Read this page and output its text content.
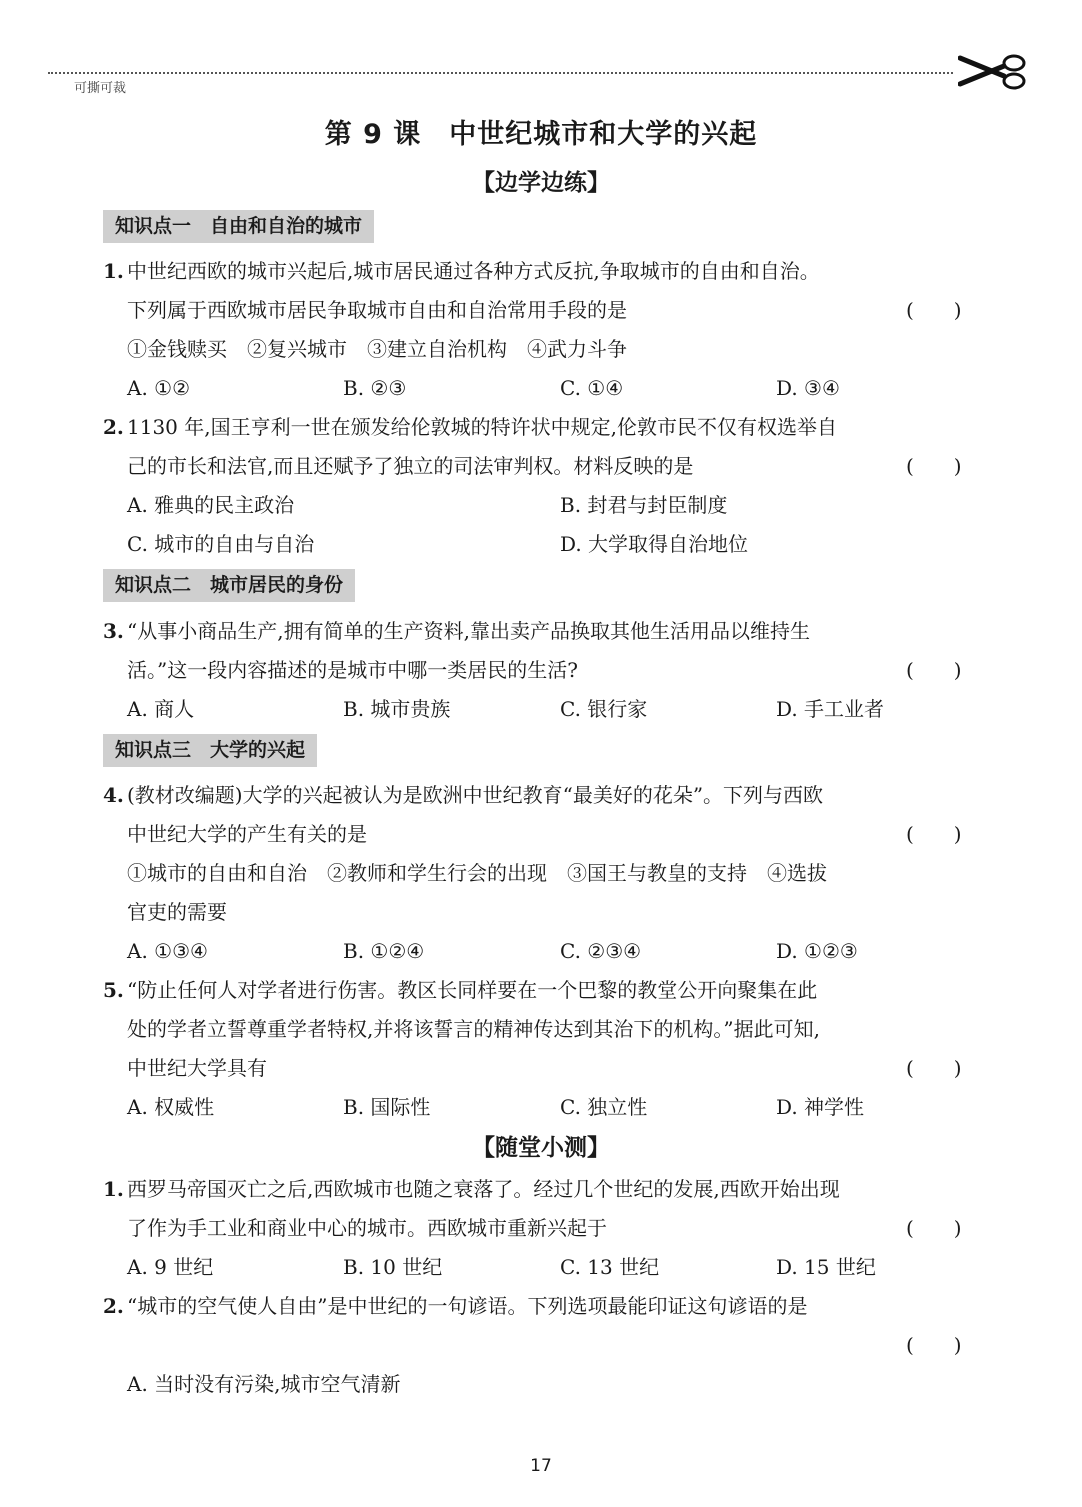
可撕可裁
第 9 课　中世纪城市和大学的兴起
【边学边练】
知识点一　自由和自治的城市
1. 中世纪西欧的城市兴起后,城市居民通过各种方式反抗,争取城市的自由和自治。
下列属于西欧城市居民争取城市自由和自治常用手段的是	(　　)
①金钱赎买　②复兴城市　③建立自治机构　④武力斗争
A. ①②	B. ②③	C. ①④	D. ③④
2. 1130 年,国王亨利一世在颁发给伦敦城的特许状中规定,伦敦市民不仅有权选举自
己的市长和法官,而且还赋予了独立的司法审判权。材料反映的是	(　　)
A. 雅典的民主政治	B. 封君与封臣制度
C. 城市的自由与自治	D. 大学取得自治地位
知识点二　城市居民的身份
3. “从事小商品生产,拥有简单的生产资料,靠出卖产品换取其他生活用品以维持生
活。”这一段内容描述的是城市中哪一类居民的生活?	(　　)
A. 商人	B. 城市贵族	C. 银行家	D. 手工业者
知识点三　大学的兴起
4. (教材改编题)大学的兴起被认为是欧洲中世纪教育“最美好的花朵”。下列与西欧
中世纪大学的产生有关的是	(　　)
①城市的自由和自治　②教师和学生行会的出现　③国王与教皇的支持　④选拔
官吏的需要
A. ①③④	B. ①②④	C. ②③④	D. ①②③
5. “防止任何人对学者进行伤害。教区长同样要在一个巴黎的教堂公开向聚集在此
处的学者立誓尊重学者特权,并将该誓言的精神传达到其治下的机构。”据此可知,
中世纪大学具有	(　　)
A. 权威性	B. 国际性	C. 独立性	D. 神学性
【随堂小测】
1. 西罗马帝国灭亡之后,西欧城市也随之衰落了。经过几个世纪的发展,西欧开始出现
了作为手工业和商业中心的城市。西欧城市重新兴起于	(　　)
A. 9 世纪	B. 10 世纪	C. 13 世纪	D. 15 世纪
2. “城市的空气使人自由”是中世纪的一句谚语。下列选项最能印证这句谚语的是
(　　)
A. 当时没有污染,城市空气清新
17
